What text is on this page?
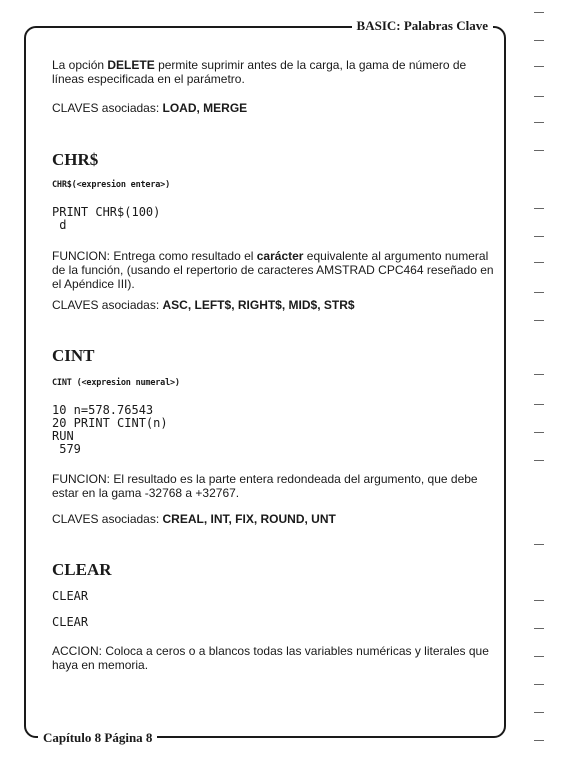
BASIC: Palabras Clave
Capítulo 8 Página 8

La opción DELETE permite suprimir antes de la carga, la gama de número de líneas especificada en el parámetro.

CLAVES asociadas: LOAD, MERGE

CHR$
CHR$(<expresion entera>)
PRINT CHR$(100)
d

FUNCION: Entrega como resultado el carácter equivalente al argumento numeral de la función, (usando el repertorio de caracteres AMSTRAD CPC464 reseñado en el Apéndice III).

CLAVES asociadas: ASC, LEFT$, RIGHT$, MID$, STR$

CINT
CINT (<expresion numeral>)
10 n=578.76543
20 PRINT CINT(n)
RUN
579

FUNCION: El resultado es la parte entera redondeada del argumento, que debe estar en la gama -32768 a +32767.

CLAVES asociadas: CREAL, INT, FIX, ROUND, UNT

CLEAR
CLEAR
CLEAR

ACCION: Coloca a ceros o a blancos todas las variables numéricas y literales que haya en memoria.
